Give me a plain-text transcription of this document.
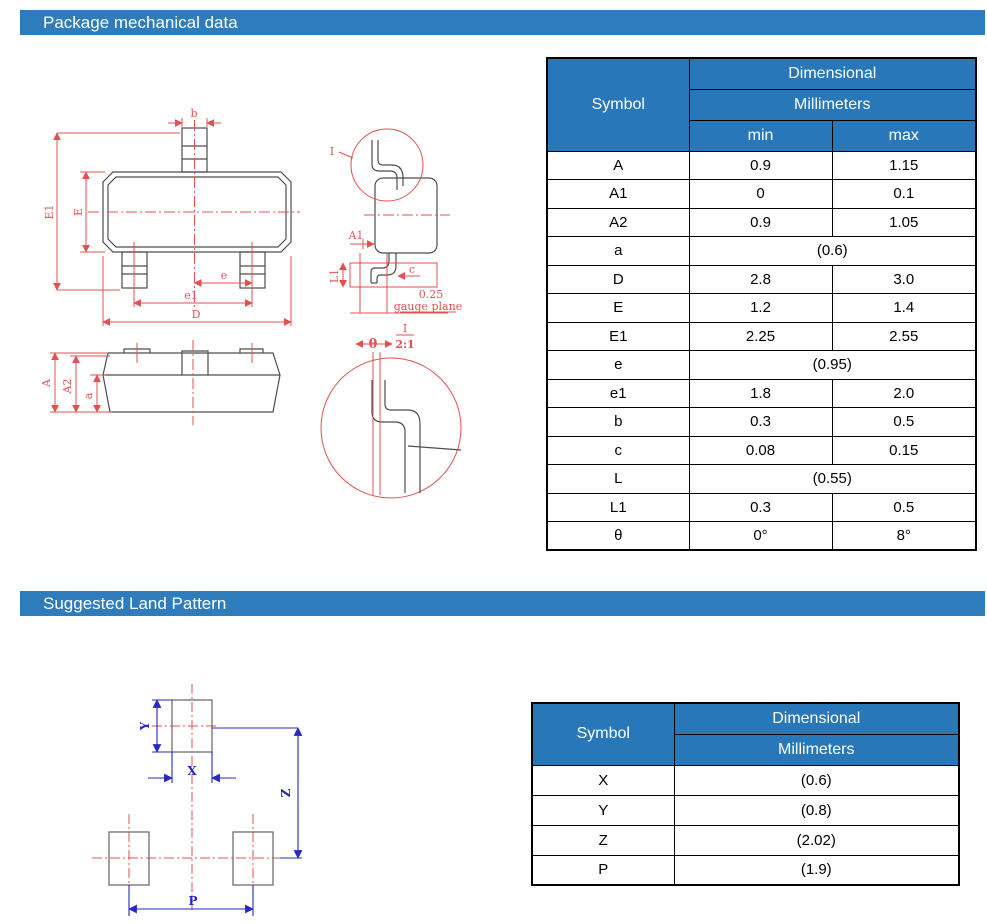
Package mechanical data
Suggested Land Pattern
b
E1 E
e
e1
D
I
A1
L1	c
0.25
gauge plane
θ
I
2:1
A A2
a
Symbol	Dimensional	
	Millimeters	
	min	max
A	0.9	1.15
A1	0	0.1
A2	0.9	1.05
a	(0.6)	
D	2.8	3.0
E	1.2	1.4
E1	2.25	2.55
e	(0.95)	
e1	1.8	2.0
b	0.3	0.5
c	0.08	0.15
L	(0.55)	
L1	0.3	0.5
θ	0°	8°
Y
X
Z
P
Symbol	Dimensional
	Millimeters
X	(0.6)
Y	(0.8)
Z	(2.02)
P	(1.9)
